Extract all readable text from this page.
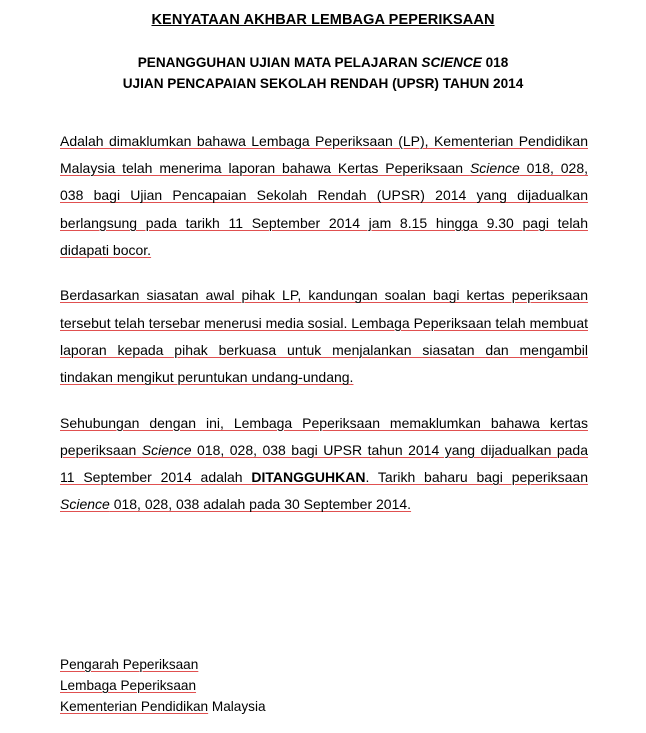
KENYATAAN AKHBAR LEMBAGA PEPERIKSAAN
PENANGGUHAN UJIAN MATA PELAJARAN SCIENCE 018
UJIAN PENCAPAIAN SEKOLAH RENDAH (UPSR) TAHUN 2014

Adalah dimaklumkan bahawa Lembaga Peperiksaan (LP), Kementerian Pendidikan Malaysia telah menerima laporan bahawa Kertas Peperiksaan Science 018, 028, 038 bagi Ujian Pencapaian Sekolah Rendah (UPSR) 2014 yang dijadualkan berlangsung pada tarikh 11 September 2014 jam 8.15 hingga 9.30 pagi telah didapati bocor.

Berdasarkan siasatan awal pihak LP, kandungan soalan bagi kertas peperiksaan tersebut telah tersebar menerusi media sosial. Lembaga Peperiksaan telah membuat laporan kepada pihak berkuasa untuk menjalankan siasatan dan mengambil tindakan mengikut peruntukan undang-undang.

Sehubungan dengan ini, Lembaga Peperiksaan memaklumkan bahawa kertas peperiksaan Science 018, 028, 038 bagi UPSR tahun 2014 yang dijadualkan pada 11 September 2014 adalah DITANGGUHKAN. Tarikh baharu bagi peperiksaan Science 018, 028, 038 adalah pada 30 September 2014.

Pengarah Peperiksaan
Lembaga Peperiksaan
Kementerian Pendidikan Malaysia
